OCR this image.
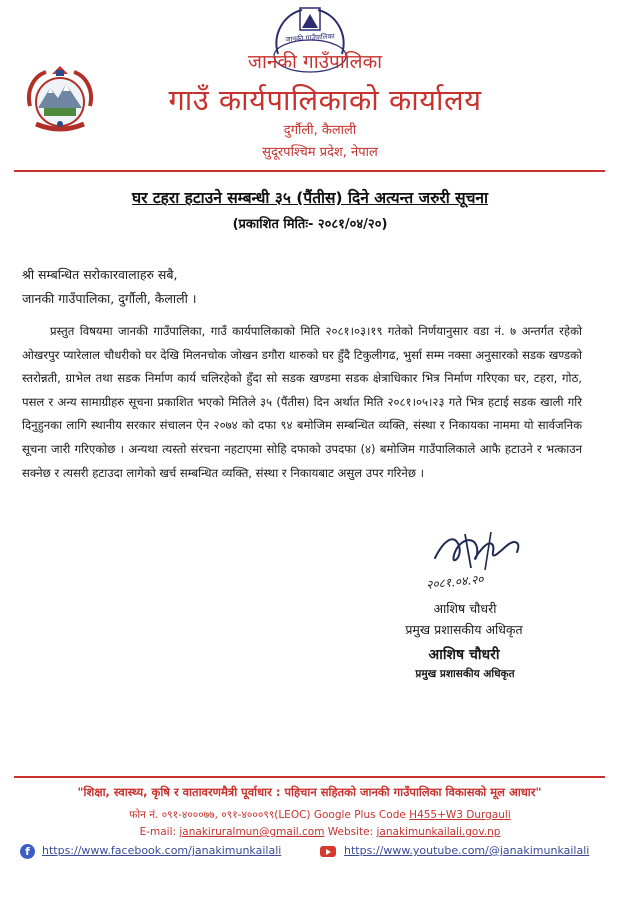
जानकी गाउँपालिका
जानकी गाउँपालिका
गाउँ कार्यपालिकाको कार्यालय
दुर्गौली, कैलाली
सुदूरपश्चिम प्रदेश, नेपाल
घर टहरा हटाउने सम्बन्धी ३५ (पैंतीस) दिने अत्यन्त जरुरी सूचना
(प्रकाशित मितिः- २०८१/०४/२०)
श्री सम्बन्धित सरोकारवालाहरु सबै,
जानकी गाउँपालिका, दुर्गौली, कैलाली ।

प्रस्तुत विषयमा जानकी गाउँपालिका, गाउँ कार्यपालिकाको मिति २०८१।०३।१९ गतेको निर्णयानुसार वडा नं. ७ अन्तर्गत रहेको ओखरपुर प्यारेलाल चौधरीको घर देखि मिलनचोक जोखन डगौरा थारुको घर हुँदै टिकुलीगढ, भुर्सा सम्म नक्सा अनुसारको सडक खण्डको स्तरोन्नती, ग्राभेल तथा सडक निर्माण कार्य चलिरहेको हुँदा सो सडक खण्डमा सडक क्षेत्राधिकार भित्र निर्माण गरिएका घर, टहरा, गोठ, पसल र अन्य सामाग्रीहरु सूचना प्रकाशित भएको मितिले ३५ (पैंतीस) दिन अर्थात मिति २०८१।०५।२३ गते भित्र हटाई सडक खाली गरि दिनुहुनका लागि स्थानीय सरकार संचालन ऐन २०७४ को दफा ९४ बमोजिम सम्बन्धित व्यक्ति, संस्था र निकायका नाममा यो सार्वजनिक सूचना जारी गरिएकोछ । अन्यथा त्यस्तो संरचना नहटाएमा सोहि दफाको उपदफा (४) बमोजिम गाउँपालिकाले आफै हटाउने र भत्काउन सक्नेछ र त्यसरी हटाउदा लागेको खर्च सम्बन्धित व्यक्ति, संस्था र निकायबाट असुल उपर गरिनेछ ।

२०८१.०४.२०
आशिष चौधरी
प्रमुख प्रशासकीय अधिकृत
आशिष चौधरी
प्रमुख प्रशासकीय अधिकृत
"शिक्षा, स्वास्थ्य, कृषि र वातावरणमैत्री पूर्वाधार : पहिचान सहितको जानकी गाउँपालिका विकासको मूल आधार"
फोन नं. ०९१-४०००७७, ०९१-४०००९९(LEOC) Google Plus Code H455+W3 Durgauli
E-mail: janakiruralmun@gmail.com Website: janakimunkailali.gov.np
f	https://www.facebook.com/janakimunkailali	https://www.youtube.com/@janakimunkailali
